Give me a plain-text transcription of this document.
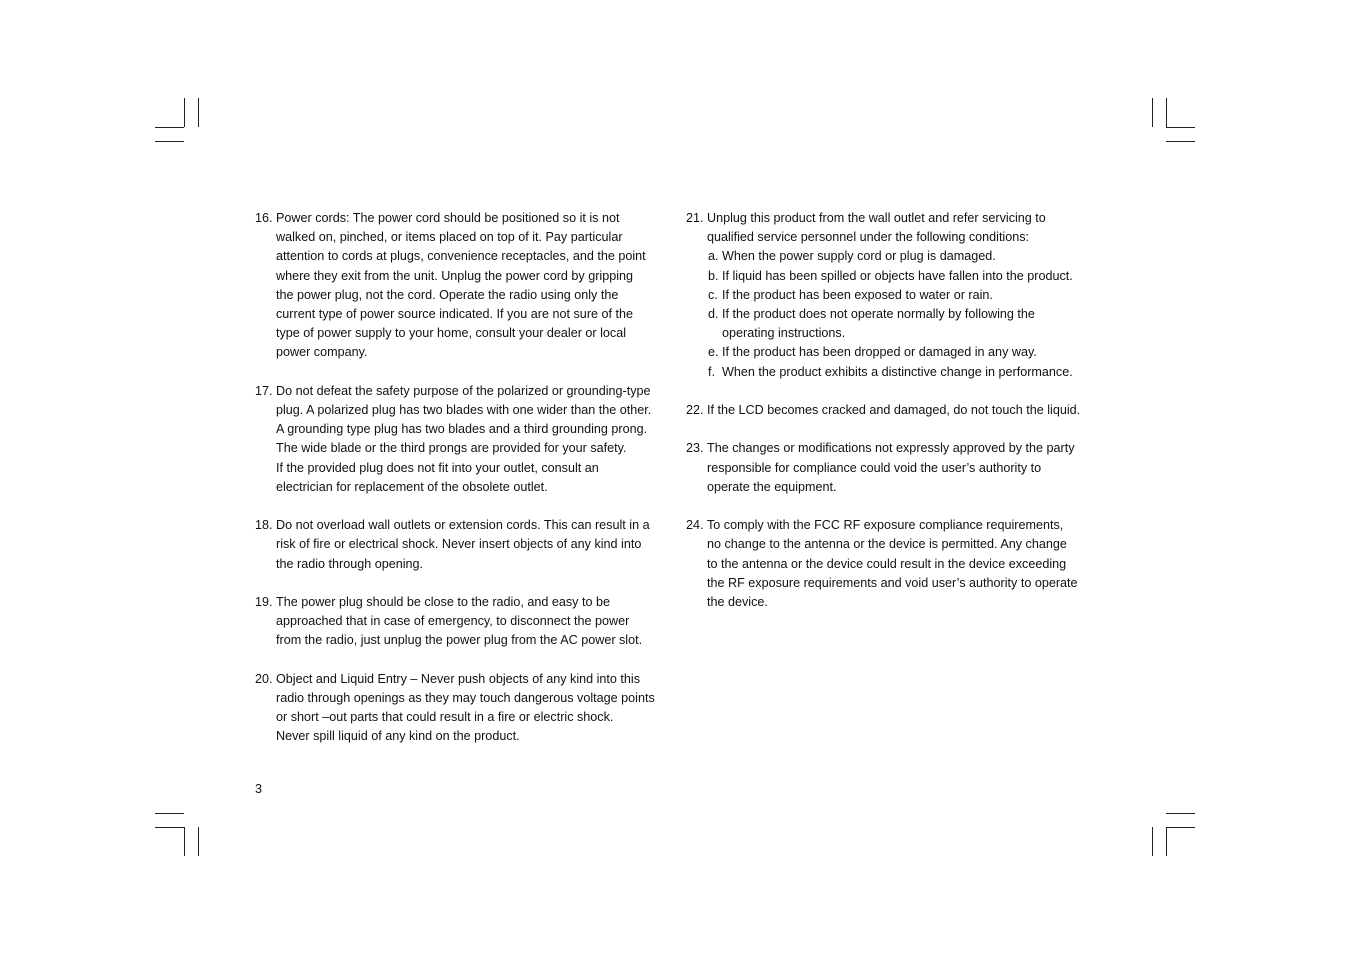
16. Power cords: The power cord should be positioned so it is not
walked on, pinched, or items placed on top of it. Pay particular
attention to cords at plugs, convenience receptacles, and the point
where they exit from the unit. Unplug the power cord by gripping
the power plug, not the cord. Operate the radio using only the
current type of power source indicated. If you are not sure of the
type of power supply to your home, consult your dealer or local
power company.
17. Do not defeat the safety purpose of the polarized or grounding-type
plug. A polarized plug has two blades with one wider than the other.
A grounding type plug has two blades and a third grounding prong.
The wide blade or the third prongs are provided for your safety.
If the provided plug does not fit into your outlet, consult an
electrician for replacement of the obsolete outlet.
18. Do not overload wall outlets or extension cords. This can result in a
risk of fire or electrical shock. Never insert objects of any kind into
the radio through opening.
19. The power plug should be close to the radio, and easy to be
approached that in case of emergency, to disconnect the power
from the radio, just unplug the power plug from the AC power slot.
20. Object and Liquid Entry – Never push objects of any kind into this
radio through openings as they may touch dangerous voltage points
or short –out parts that could result in a fire or electric shock.
Never spill liquid of any kind on the product.
21. Unplug this product from the wall outlet and refer servicing to
qualified service personnel under the following conditions:
a. When the power supply cord or plug is damaged.
b. If liquid has been spilled or objects have fallen into the product.
c. If the product has been exposed to water or rain.
d. If the product does not operate normally by following the
operating instructions.
e. If the product has been dropped or damaged in any way.
f. When the product exhibits a distinctive change in performance.
22. If the LCD becomes cracked and damaged, do not touch the liquid.
23. The changes or modifications not expressly approved by the party
responsible for compliance could void the user’s authority to
operate the equipment.
24. To comply with the FCC RF exposure compliance requirements,
no change to the antenna or the device is permitted. Any change
to the antenna or the device could result in the device exceeding
the RF exposure requirements and void user’s authority to operate
the device.
3
